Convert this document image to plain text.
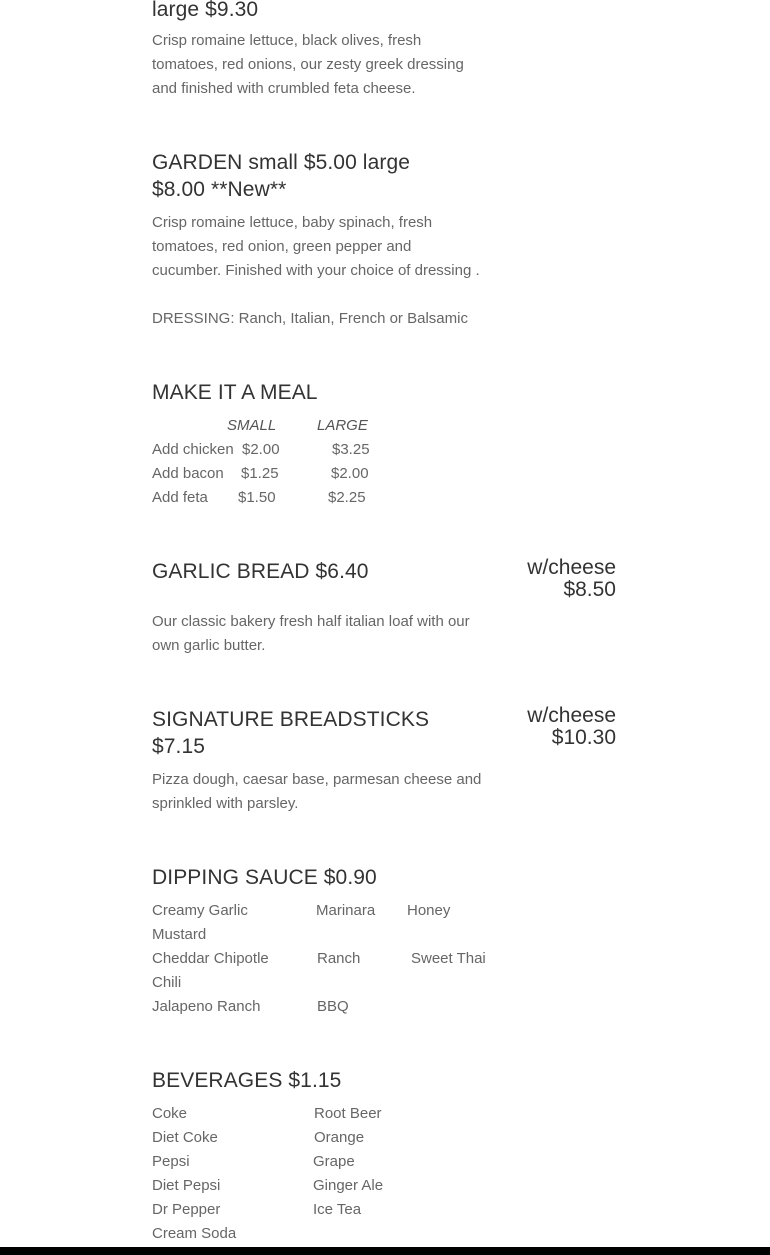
large $9.30
Crisp romaine lettuce, black olives, fresh
tomatoes, red onions, our zesty greek dressing
and finished with crumbled feta cheese.
GARDEN small $5.00 large
$8.00 **New**
Crisp romaine lettuce, baby spinach, fresh
tomatoes, red onion, green pepper and
cucumber. Finished with your choice of dressing .
DRESSING: Ranch, Italian, French or Balsamic
MAKE IT A MEAL
SMALL	LARGE
Add chicken $2.00	$3.25
Add bacon $1.25	$2.00
Add feta $1.50	$2.25
GARLIC BREAD $6.40	w/cheese
$8.50
Our classic bakery fresh half italian loaf with our
own garlic butter.
SIGNATURE BREADSTICKS
$7.15
w/cheese
$10.30
Pizza dough, caesar base, parmesan cheese and
sprinkled with parsley.
DIPPING SAUCE $0.90
Creamy Garlic	Marinara Honey
Mustard
Cheddar Chipotle	Ranch	Sweet Thai
Chili
Jalapeno Ranch	BBQ
BEVERAGES $1.15
Coke	Root Beer
Diet Coke	Orange
Pepsi	Grape
Diet Pepsi	Ginger Ale
Dr Pepper	Ice Tea
Cream Soda
